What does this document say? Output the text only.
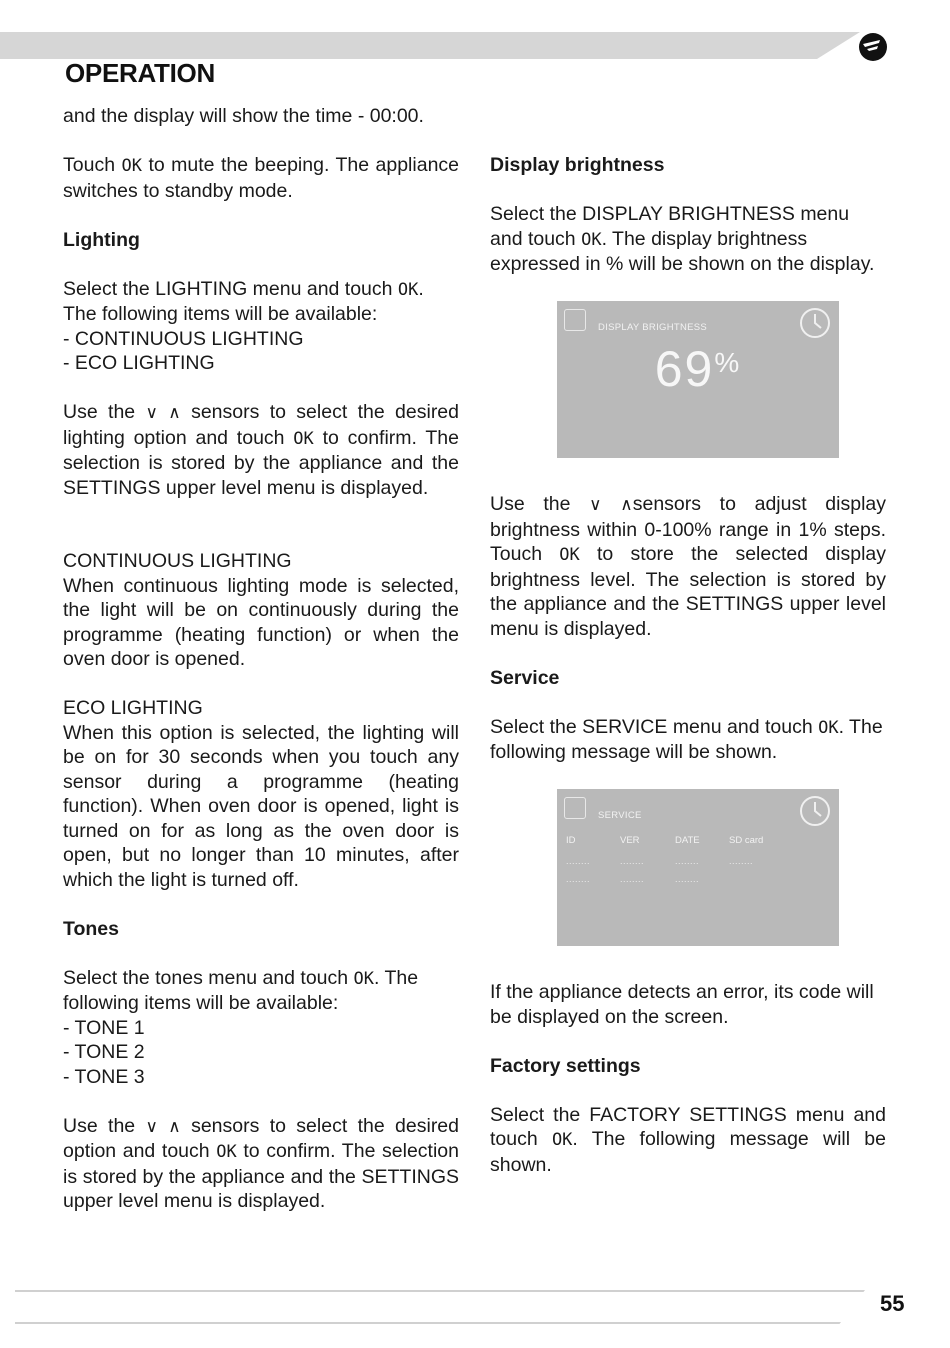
OPERATION

and the display will show the time - 00:00.

Touch OK to mute the beeping. The appliance switches to standby mode.

Lighting

Select the LIGHTING menu and touch OK. The following items will be available:
- CONTINUOUS LIGHTING
- ECO LIGHTING

Use the ∨ ∧ sensors to select the desired lighting option and touch OK to confirm. The selection is stored by the appliance and the SETTINGS upper level menu is displayed.

CONTINUOUS LIGHTING
When continuous lighting mode is selected, the light will be on continuously during the programme (heating function) or when the oven door is opened.

ECO LIGHTING
When this option is selected, the lighting will be on for 30 seconds when you touch any sensor during a programme (heating function). When oven door is opened, light is turned on for as long as the oven door is open, but no longer than 10 minutes, after which the light is turned off.

Tones

Select the tones menu and touch OK. The following items will be available:
- TONE 1
- TONE 2
- TONE 3

Use the ∨ ∧ sensors to select the desired option and touch OK to confirm. The selection is stored by the appliance and the SETTINGS upper level menu is displayed.

Display brightness

Select the DISPLAY BRIGHTNESS menu and touch OK. The display brightness expressed in % will be shown on the display.

DISPLAY BRIGHTNESS
69%

Use the ∨ ∧sensors to adjust display brightness within 0-100% range in 1% steps. Touch OK to store the selected display brightness level. The selection is stored by the appliance and the SETTINGS upper level menu is displayed.

Service

Select the SERVICE menu and touch OK. The following message will be shown.

SERVICE
ID	VER	DATE	SD card
........	........	........	........
........	........	........

If the appliance detects an error, its code will be displayed on the screen.

Factory settings

Select the FACTORY SETTINGS menu and touch OK. The following message will be shown.

55
